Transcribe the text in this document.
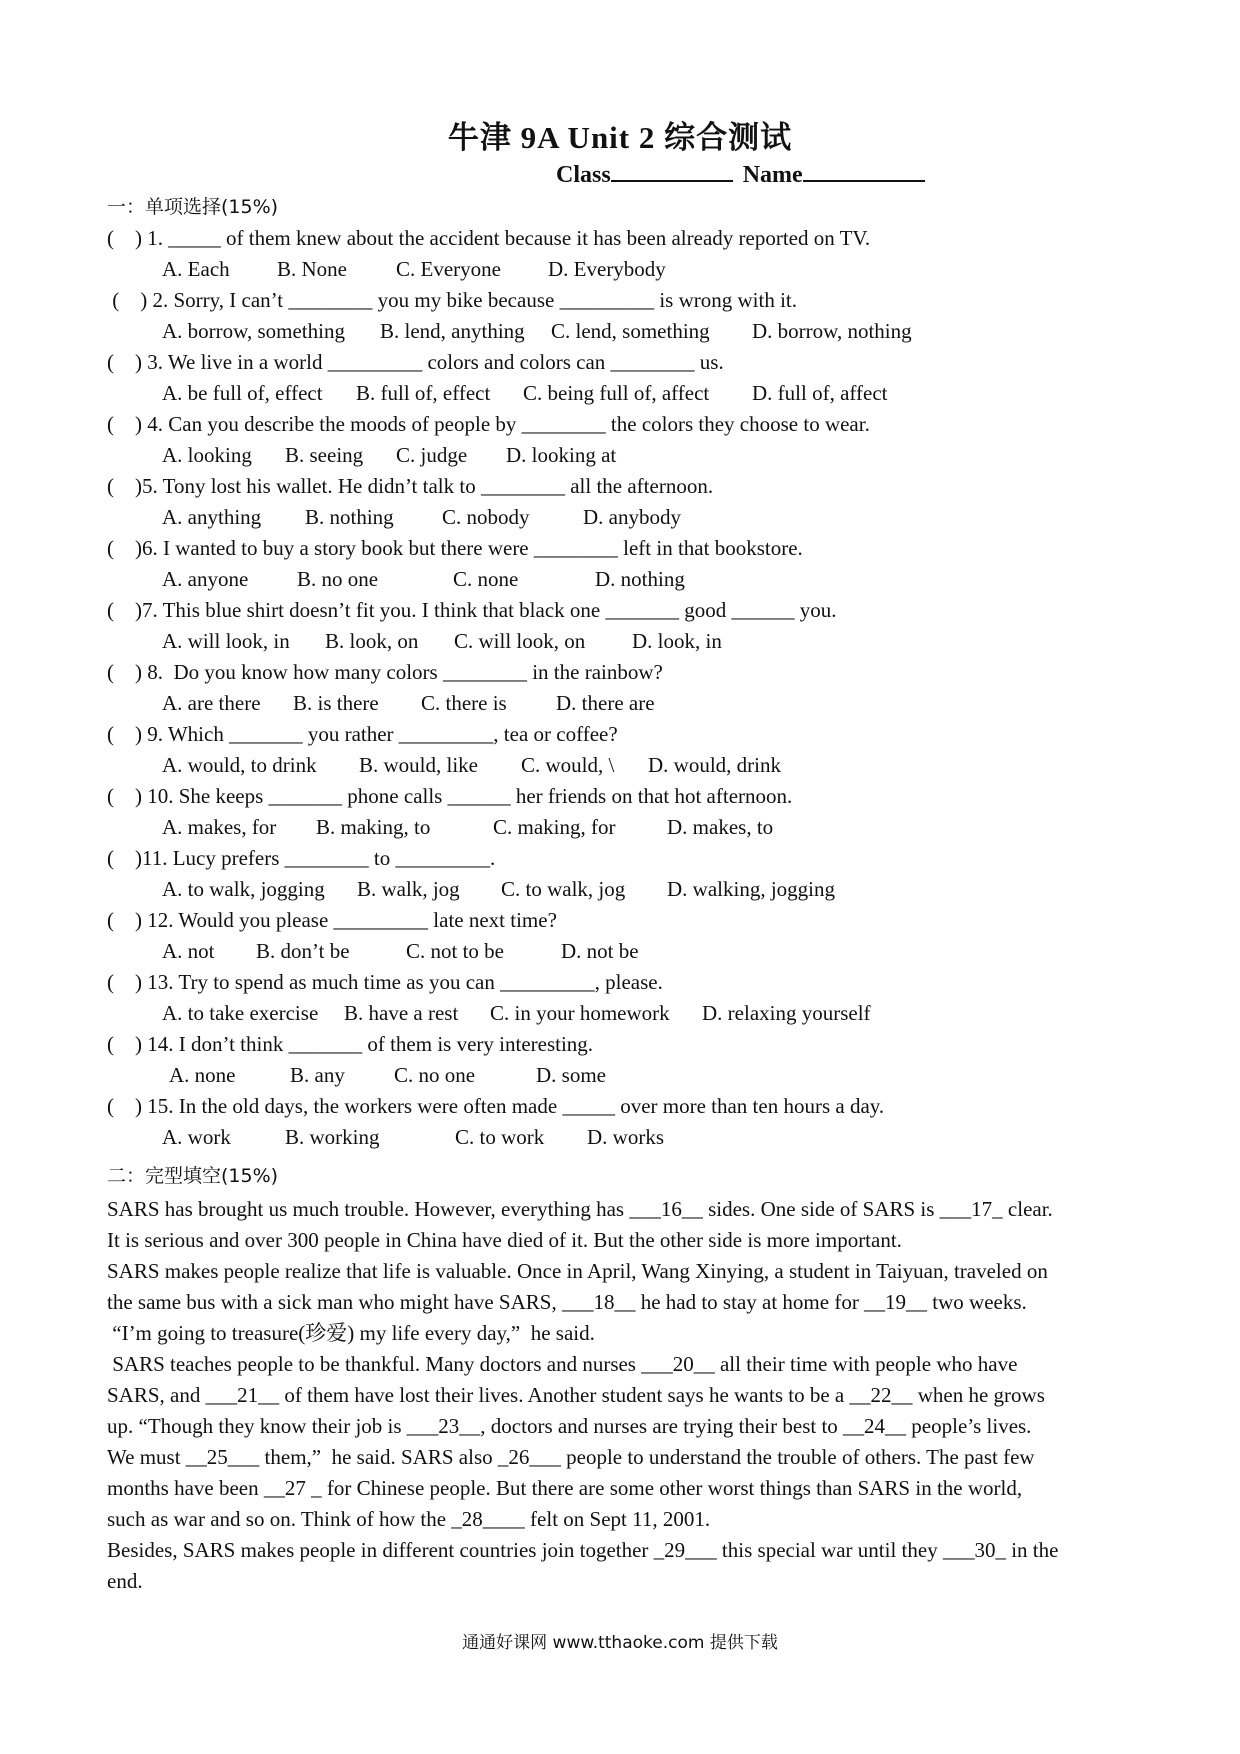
牛津 9A Unit 2 综合测试
Class	Name
一：单项选择(15%)
(    ) 1. _____ of them knew about the accident because it has been already reported on TV.
A. Each B. None C. Everyone D. Everybody
(    ) 2. Sorry, I can’t ________ you my bike because _________ is wrong with it.
A. borrow, something B. lend, anything C. lend, something D. borrow, nothing
(    ) 3. We live in a world _________ colors and colors can ________ us.
A. be full of, effect B. full of, effect C. being full of, affect D. full of, affect
(    ) 4. Can you describe the moods of people by ________ the colors they choose to wear.
A. looking B. seeing C. judge D. looking at
(    )5. Tony lost his wallet. He didn’t talk to ________ all the afternoon.
A. anything B. nothing C. nobody	D. anybody
(    )6. I wanted to buy a story book but there were ________ left in that bookstore.
A. anyone B. no one	C. none	D. nothing
(    )7. This blue shirt doesn’t fit you. I think that black one _______ good ______ you.
A. will look, in B. look, on C. will look, on D. look, in
(    ) 8.  Do you know how many colors ________ in the rainbow?
A. are there B. is there C. there is D. there are
(    ) 9. Which _______ you rather _________, tea or coffee?
A. would, to drink B. would, like C. would, \ D. would, drink
(    ) 10. She keeps _______ phone calls ______ her friends on that hot afternoon.
A. makes, for B. making, to	C. making, for D. makes, to
(    )11. Lucy prefers ________ to _________.
A. to walk, jogging B. walk, jog C. to walk, jog D. walking, jogging
(    ) 12. Would you please _________ late next time?
A. not B. don’t be	C. not to be	D. not be
(    ) 13. Try to spend as much time as you can _________, please.
A. to take exercise B. have a rest C. in your homework D. relaxing yourself
(    ) 14. I don’t think _______ of them is very interesting.
A. none	B. any C. no one	D. some
(    ) 15. In the old days, the workers were often made _____ over more than ten hours a day.
A. work	B. working	C. to work D. works
二：完型填空(15%)
SARS has brought us much trouble. However, everything has ___16__ sides. One side of SARS is ___17_ clear.
It is serious and over 300 people in China have died of it. But the other side is more important.
SARS makes people realize that life is valuable. Once in April, Wang Xinying, a student in Taiyuan, traveled on
the same bus with a sick man who might have SARS, ___18__ he had to stay at home for __19__ two weeks.
“I’m going to treasure(珍爱) my life every day,”  he said.
SARS teaches people to be thankful. Many doctors and nurses ___20__ all their time with people who have
SARS, and ___21__ of them have lost their lives. Another student says he wants to be a __22__ when he grows
up. “Though they know their job is ___23__, doctors and nurses are trying their best to __24__ people’s lives.
We must __25___ them,”  he said. SARS also _26___ people to understand the trouble of others. The past few
months have been __27 _ for Chinese people. But there are some other worst things than SARS in the world,
such as war and so on. Think of how the _28____ felt on Sept 11, 2001.
Besides, SARS makes people in different countries join together _29___ this special war until they ___30_ in the
end.
通通好课网 www.tthaoke.com 提供下载
